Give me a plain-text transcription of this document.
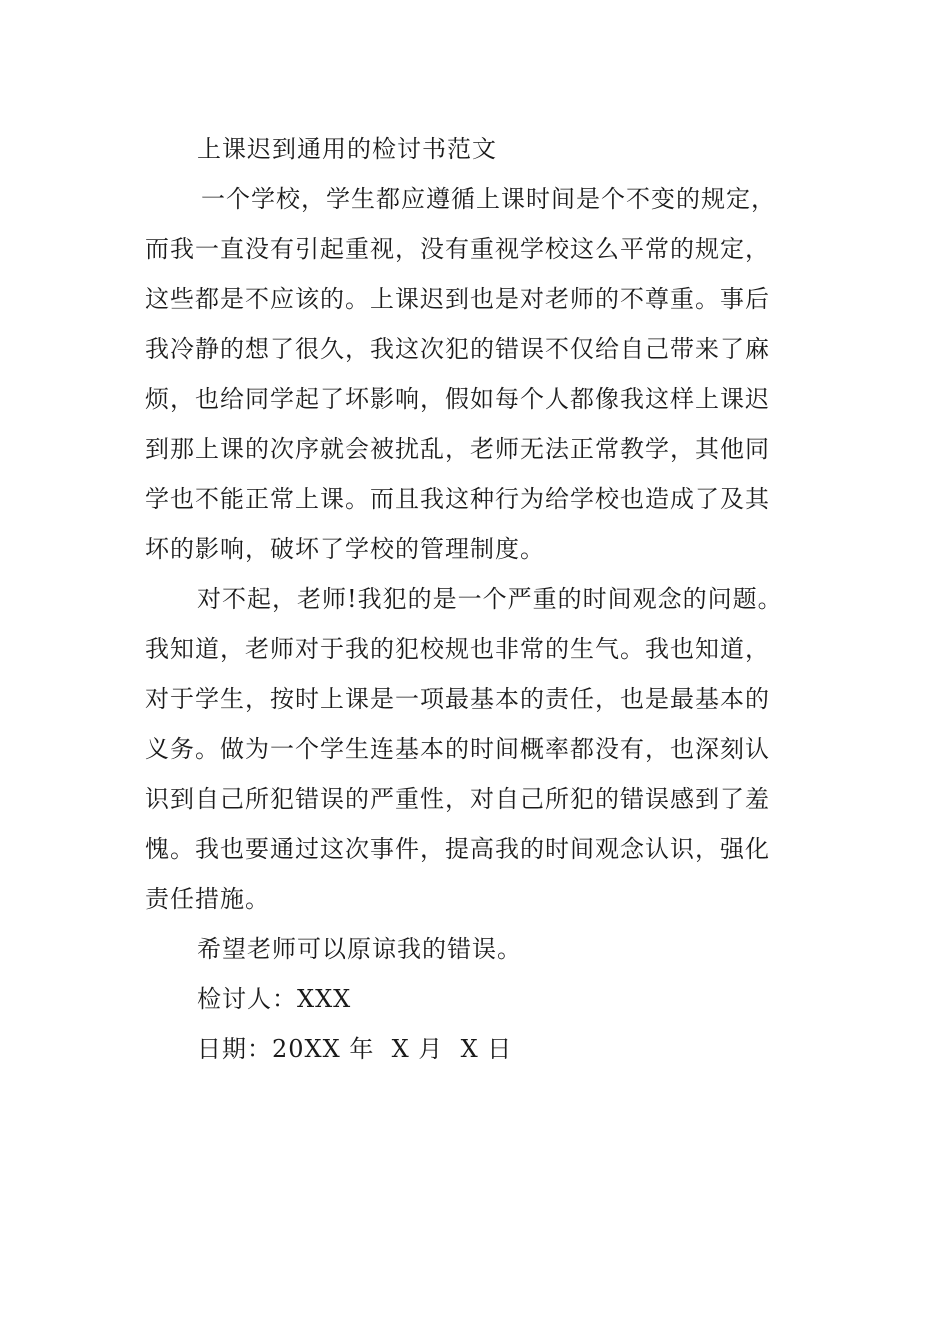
上课迟到通用的检讨书范文
一个学校，学生都应遵循上课时间是个不变的规定，
而我一直没有引起重视，没有重视学校这么平常的规定，
这些都是不应该的。上课迟到也是对老师的不尊重。事后
我冷静的想了很久，我这次犯的错误不仅给自己带来了麻
烦，也给同学起了坏影响，假如每个人都像我这样上课迟
到那上课的次序就会被扰乱，老师无法正常教学，其他同
学也不能正常上课。而且我这种行为给学校也造成了及其
坏的影响，破坏了学校的管理制度。
对不起，老师!我犯的是一个严重的时间观念的问题。
我知道，老师对于我的犯校规也非常的生气。我也知道，
对于学生，按时上课是一项最基本的责任，也是最基本的
义务。做为一个学生连基本的时间概率都没有，也深刻认
识到自己所犯错误的严重性，对自己所犯的错误感到了羞
愧。我也要通过这次事件，提高我的时间观念认识，强化
责任措施。
希望老师可以原谅我的错误。
检讨人：XXX
日期：20XX 年  X 月  X 日
